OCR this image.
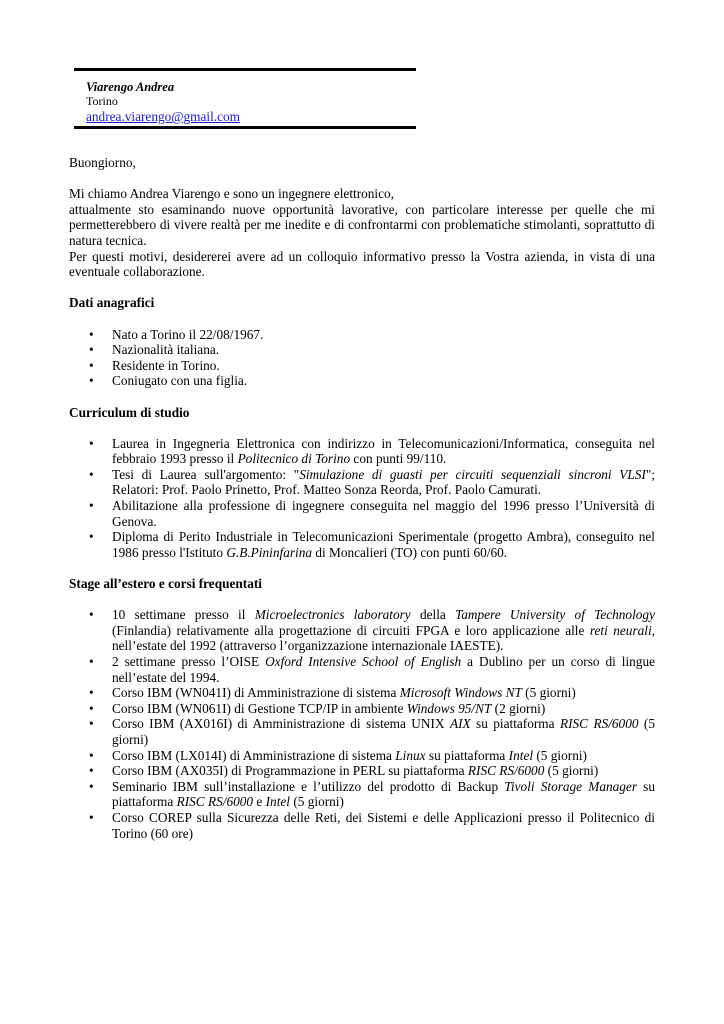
Viarengo Andrea
Torino
andrea.viarengo@gmail.com

Buongiorno,

Mi chiamo Andrea Viarengo e sono un ingegnere elettronico,

attualmente sto esaminando nuove opportunità lavorative, con particolare interesse per quelle che mi permetterebbero di vivere realtà per me inedite e di confrontarmi con problematiche stimolanti, soprattutto di natura tecnica.

Per questi motivi, desidererei avere ad un colloquio informativo presso la Vostra azienda, in vista di una eventuale collaborazione.

Dati anagrafici
• Nato a Torino il 22/08/1967.
• Nazionalità italiana.
• Residente in Torino.
• Coniugato con una figlia.
Curriculum di studio
• Laurea in Ingegneria Elettronica con indirizzo in Telecomunicazioni/Informatica, conseguita nel febbraio 1993 presso il Politecnico di Torino con punti 99/110.
• Tesi di Laurea sull'argomento: "Simulazione di guasti per circuiti sequenziali sincroni VLSI"; Relatori: Prof. Paolo Prinetto, Prof. Matteo Sonza Reorda, Prof. Paolo Camurati.
• Abilitazione alla professione di ingegnere conseguita nel maggio del 1996 presso l’Università di Genova.
• Diploma di Perito Industriale in Telecomunicazioni Sperimentale (progetto Ambra), conseguito nel 1986 presso l'Istituto G.B.Pininfarina di Moncalieri (TO) con punti 60/60.
Stage all’estero e corsi frequentati
• 10 settimane presso il Microelectronics laboratory della Tampere University of Technology (Finlandia) relativamente alla progettazione di circuiti FPGA e loro applicazione alle reti neurali, nell’estate del 1992 (attraverso l’organizzazione internazionale IAESTE).
• 2 settimane presso l’OISE Oxford Intensive School of English a Dublino per un corso di lingue nell’estate del 1994.
• Corso IBM (WN041I) di Amministrazione di sistema Microsoft Windows NT (5 giorni)
• Corso IBM (WN061I) di Gestione TCP/IP in ambiente Windows 95/NT (2 giorni)
• Corso IBM (AX016I) di Amministrazione di sistema UNIX AIX su piattaforma RISC RS/6000 (5 giorni)
• Corso IBM (LX014I) di Amministrazione di sistema Linux su piattaforma Intel (5 giorni)
• Corso IBM (AX035I) di Programmazione in PERL su piattaforma RISC RS/6000 (5 giorni)
• Seminario IBM sull’installazione e l’utilizzo del prodotto di Backup Tivoli Storage Manager su piattaforma RISC RS/6000 e Intel (5 giorni)
• Corso COREP sulla Sicurezza delle Reti, dei Sistemi e delle Applicazioni presso il Politecnico di Torino (60 ore)
